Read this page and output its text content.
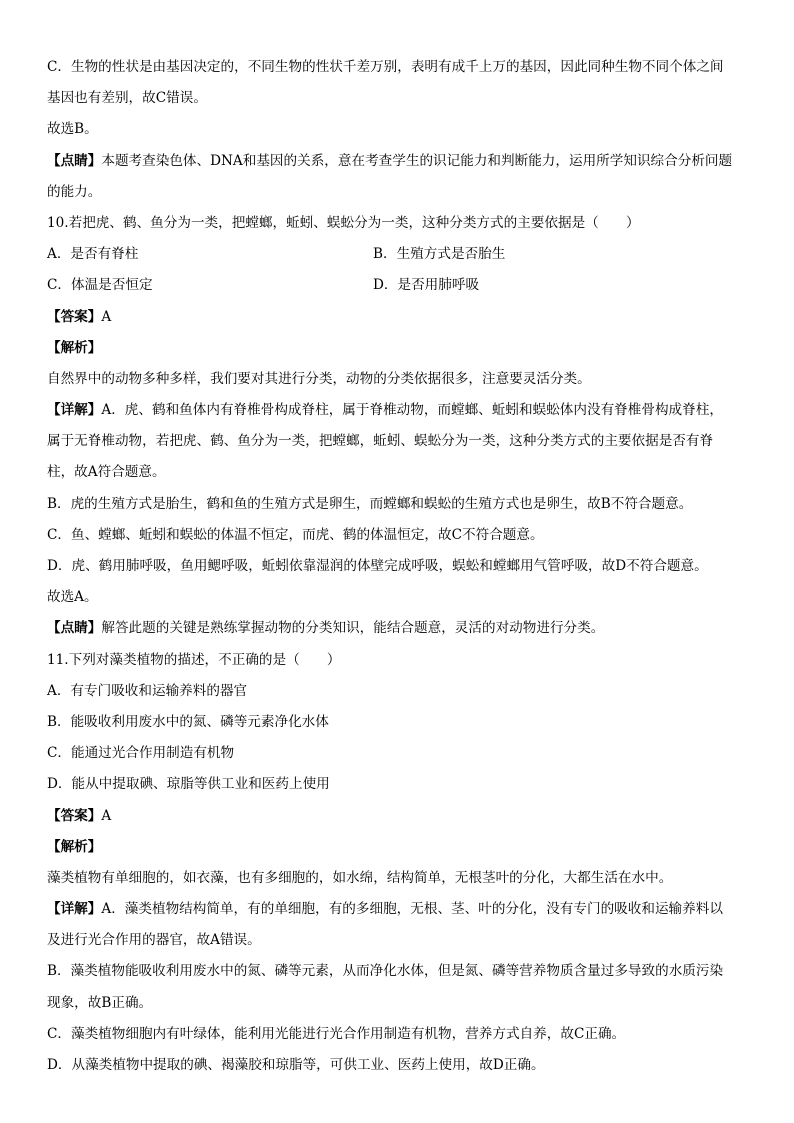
C．生物的性状是由基因决定的，不同生物的性状千差万别，表明有成千上万的基因，因此同种生物不同个体之间
基因也有差别，故C错误。
故选B。
【点睛】本题考查染色体、DNA和基因的关系，意在考查学生的识记能力和判断能力，运用所学知识综合分析问题
的能力。
10.若把虎、鹤、鱼分为一类，把螳螂，蚯蚓、蜈蚣分为一类，这种分类方式的主要依据是（　　）
A．是否有脊柱	B．生殖方式是否胎生
C．体温是否恒定	D．是否用肺呼吸
【答案】A
【解析】
自然界中的动物多种多样，我们要对其进行分类，动物的分类依据很多，注意要灵活分类。
【详解】A．虎、鹤和鱼体内有脊椎骨构成脊柱，属于脊椎动物，而螳螂、蚯蚓和蜈蚣体内没有脊椎骨构成脊柱，
属于无脊椎动物，若把虎、鹤、鱼分为一类，把螳螂，蚯蚓、蜈蚣分为一类，这种分类方式的主要依据是否有脊
柱，故A符合题意。
B．虎的生殖方式是胎生，鹤和鱼的生殖方式是卵生，而螳螂和蜈蚣的生殖方式也是卵生，故B不符合题意。
C．鱼、螳螂、蚯蚓和蜈蚣的体温不恒定，而虎、鹤的体温恒定，故C不符合题意。
D．虎、鹤用肺呼吸，鱼用鳃呼吸，蚯蚓依靠湿润的体壁完成呼吸，蜈蚣和螳螂用气管呼吸，故D不符合题意。
故选A。
【点睛】解答此题的关键是熟练掌握动物的分类知识，能结合题意，灵活的对动物进行分类。
11.下列对藻类植物的描述，不正确的是（　　）
A．有专门吸收和运输养料的器官
B．能吸收利用废水中的氮、磷等元素净化水体
C．能通过光合作用制造有机物
D．能从中提取碘、琼脂等供工业和医药上使用
【答案】A
【解析】
藻类植物有单细胞的，如衣藻，也有多细胞的，如水绵，结构简单，无根茎叶的分化，大都生活在水中。
【详解】A．藻类植物结构简单，有的单细胞，有的多细胞，无根、茎、叶的分化，没有专门的吸收和运输养料以
及进行光合作用的器官，故A错误。
B．藻类植物能吸收利用废水中的氮、磷等元素，从而净化水体，但是氮、磷等营养物质含量过多导致的水质污染
现象，故B正确。
C．藻类植物细胞内有叶绿体，能利用光能进行光合作用制造有机物，营养方式自养，故C正确。
D．从藻类植物中提取的碘、褐藻胶和琼脂等，可供工业、医药上使用，故D正确。
